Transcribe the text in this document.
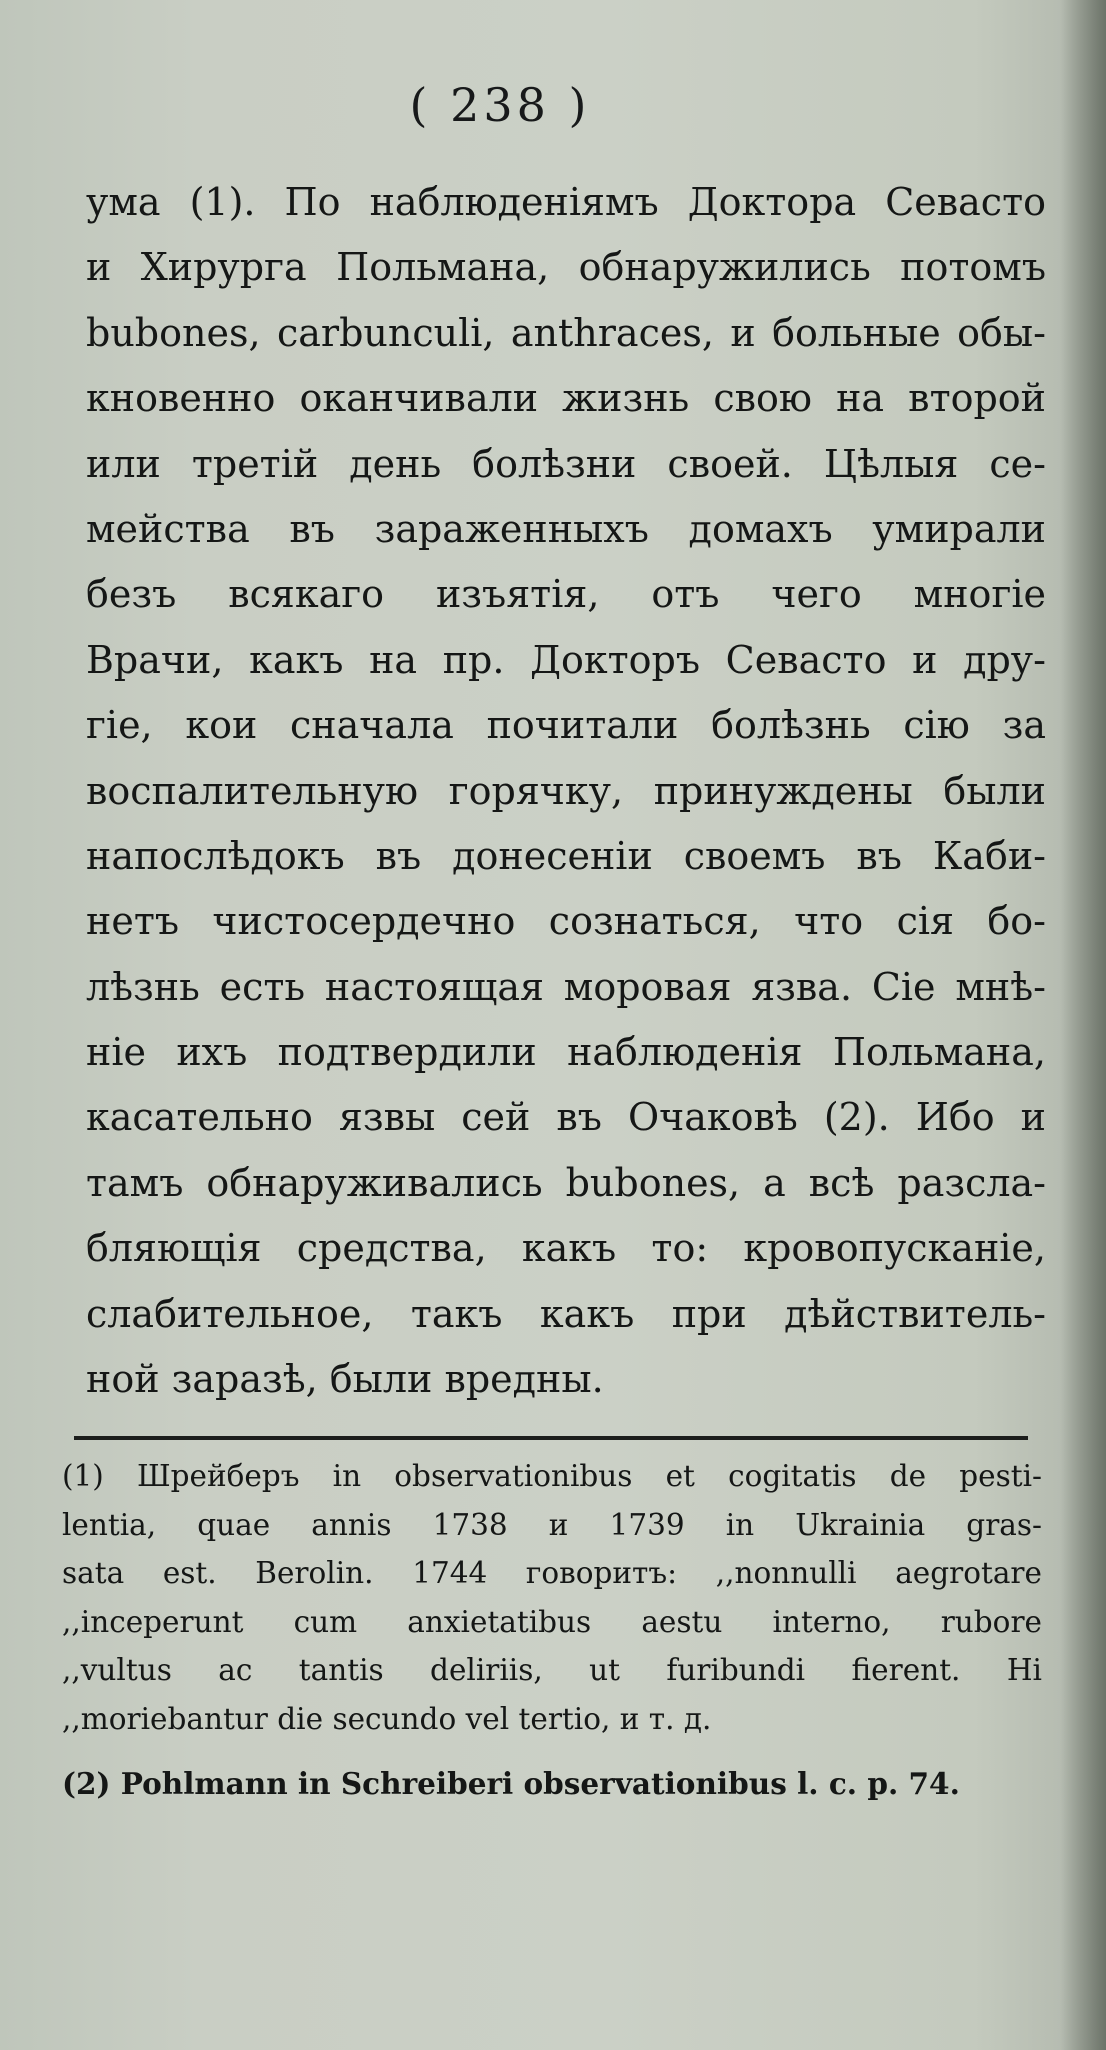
( 238 )
ума (1). По наблюденіямъ Доктора Севасто
и Хирурга Польмана, обнаружились потомъ
bubones, carbunculi, anthraces, и больные обы-
кновенно оканчивали жизнь свою на второй
или третій день болѣзни своей. Цѣлыя се-
мейства въ зараженныхъ домахъ умирали
безъ всякаго изъятія, отъ чего многіе
Врачи, какъ на пр. Докторъ Севасто и дру-
гіе, кои сначала почитали болѣзнь сію за
воспалительную горячку, принуждены были
напослѣдокъ въ донесеніи своемъ въ Каби-
нетъ чистосердечно сознаться, что сія бо-
лѣзнь есть настоящая моровая язва. Сіе мнѣ-
ніе ихъ подтвердили наблюденія Польмана,
касательно язвы сей въ Очаковѣ (2). Ибо и
тамъ обнаруживались bubones, а всѣ разсла-
бляющія средства, какъ то: кровопусканіе,
слабительное, такъ какъ при дѣйствитель-
ной заразѣ, были вредны.
(1) Шрейберъ in observationibus et cogitatis de pesti-
lentia, quae annis 1738 и 1739 in Ukrainia gras-
sata est. Berolin. 1744 говоритъ: ,,nonnulli aegrotare
,,inceperunt cum anxietatibus aestu interno, rubore
,,vultus ac tantis deliriis, ut furibundi fierent. Hi
,,moriebantur die secundo vel tertio, и т. д.
(2) Pohlmann in Schreiberi observationibus l. c. p. 74.
